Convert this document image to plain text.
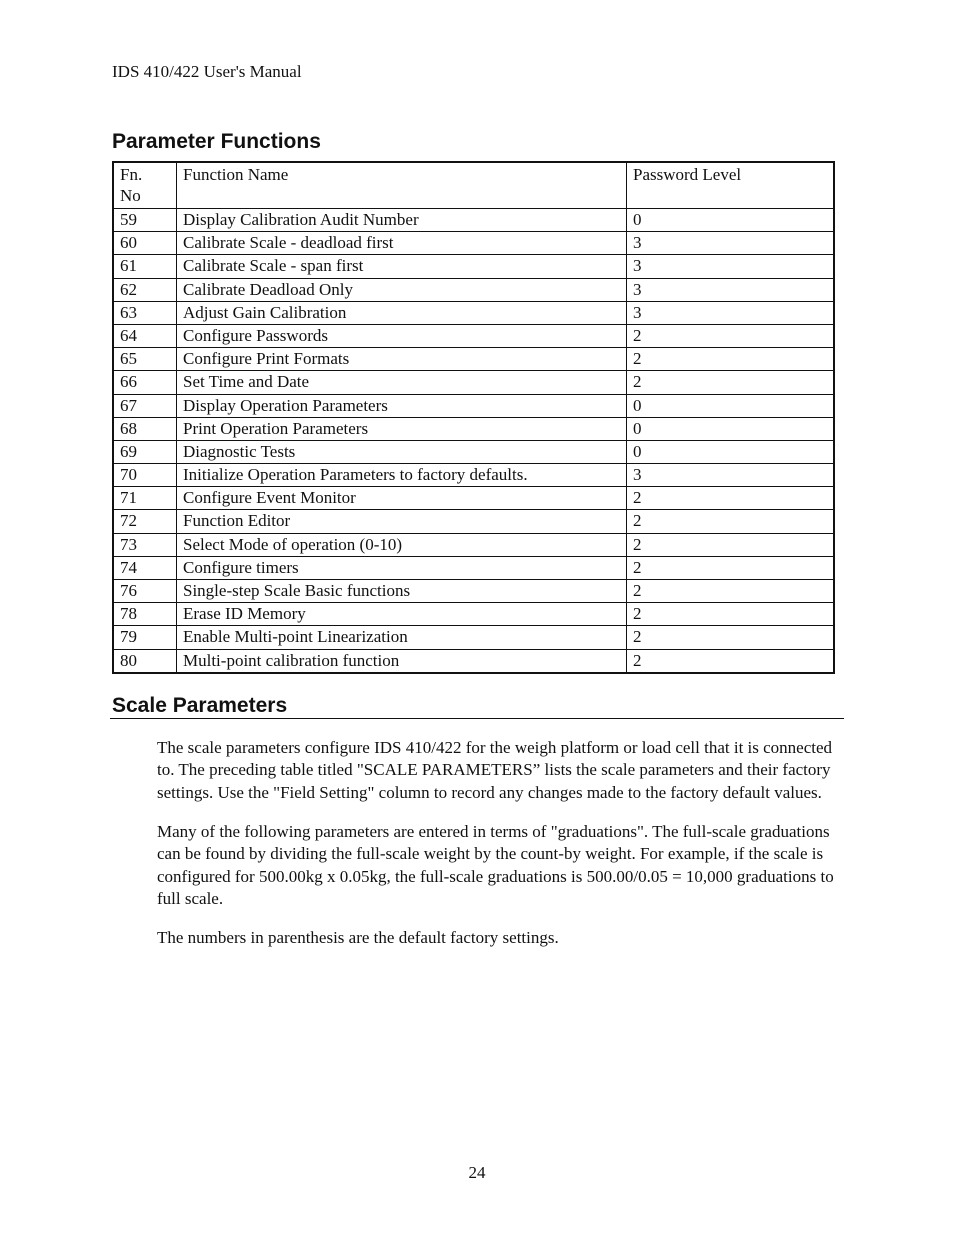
IDS 410/422 User's Manual
Parameter Functions
Fn.
No	Function Name	Password Level
59	Display Calibration Audit Number	0
60	Calibrate Scale - deadload first	3
61	Calibrate Scale - span first	3
62	Calibrate Deadload Only	3
63	Adjust Gain Calibration	3
64	Configure Passwords	2
65	Configure Print Formats	2
66	Set Time and Date	2
67	Display Operation Parameters	0
68	Print Operation Parameters	0
69	Diagnostic Tests	0
70	Initialize Operation Parameters to factory defaults.	3
71	Configure Event Monitor	2
72	Function Editor	2
73	Select Mode of operation (0-10)	2
74	Configure timers	2
76	Single-step Scale Basic functions	2
78	Erase ID Memory	2
79	Enable Multi-point Linearization	2
80	Multi-point calibration function	2
Scale Parameters

The scale parameters configure IDS 410/422 for the weigh platform or load cell that it is connected to. The preceding table titled "SCALE PARAMETERS” lists the scale parameters and their factory settings. Use the "Field Setting" column to record any changes made to the factory default values.

Many of the following parameters are entered in terms of "graduations". The full-scale graduations can be found by dividing the full-scale weight by the count-by weight. For example, if the scale is configured for 500.00kg x 0.05kg, the full-scale graduations is 500.00/0.05 = 10,000 graduations to full scale.

The numbers in parenthesis are the default factory settings.

24
